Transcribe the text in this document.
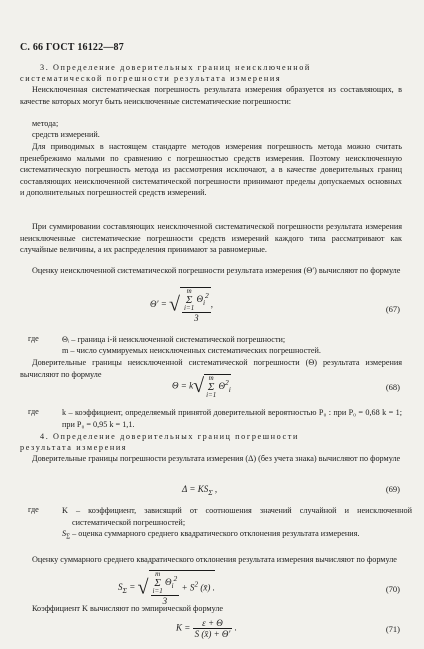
С. 66 ГОСТ 16122—87
3. Определение доверительных границ неисключенной
систематической погрешности результата измерения
Неисключенная систематическая погрешность результата измерения образуется из составляющих, в качестве которых могут быть неисключенные систематические погрешности:
метода;
средств измерений.
Для приводимых в настоящем стандарте методов измерения погрешность метода можно считать пренебрежимо малыми по сравнению с погрешностью средств измерения. Поэтому неисключенную систематическую погрешность метода из рассмотрения исключают, а в качестве доверительных границ составляющих неисключенной систематической погрешности принимают пределы допускаемых основных и дополнительных погрешностей средств измерений.
При суммировании составляющих неисключенной систематической погрешности результата измерения неисключенные систематические погрешности средств измерений каждого типа рассматривают как случайные величины, а их распределения принимают за равномерные.
Оценку неисключенной систематической погрешности результата измерения (Θ′) вычисляют по формуле
Θ′ = √ m
Σ
i=1 $\Theta_i^2$
3 ,	(67)
где	Θᵢ – граница i-й неисключенной систематической погрешности;
m – число суммируемых неисключенных систематических погрешностей.
Доверительные границы неисключенной систематической погрешности (Θ) результата измерения вычисляют по формуле
Θ = k√ m
Σ
i=1 $\Theta^2_i$	(68)
где	k – коэффициент, определяемый принятой доверительной вероятностью P₀ : при P₀ = 0,68 k = 1; при P₀ = 0,95 k = 1,1.
4. Определение доверительных границ погрешности
результата измерения
Доверительные границы погрешности результата измерения (Δ) (без учета знака) вычисляют по формуле
$\Delta = KS_\Sigma$ ,	(69)
где	K – коэффициент, зависящий от соотношения значений случайной и неисключенной систематической погрешностей;
$S_\Sigma$ – оценка суммарного среднего квадратического отклонения результата измерения.
Оценку суммарного среднего квадратического отклонения результата измерения вычисляют по формуле
$S_\Sigma$ = √ m
Σ
i=1 $\Theta_i^2$
$3 + S^2$ (x̄) .	(70)
Коэффициент K вычисляют по эмпирической формуле
$K = \frac{\varepsilon + \Theta}{S (x̄) + \Theta'}$ .	(71)
